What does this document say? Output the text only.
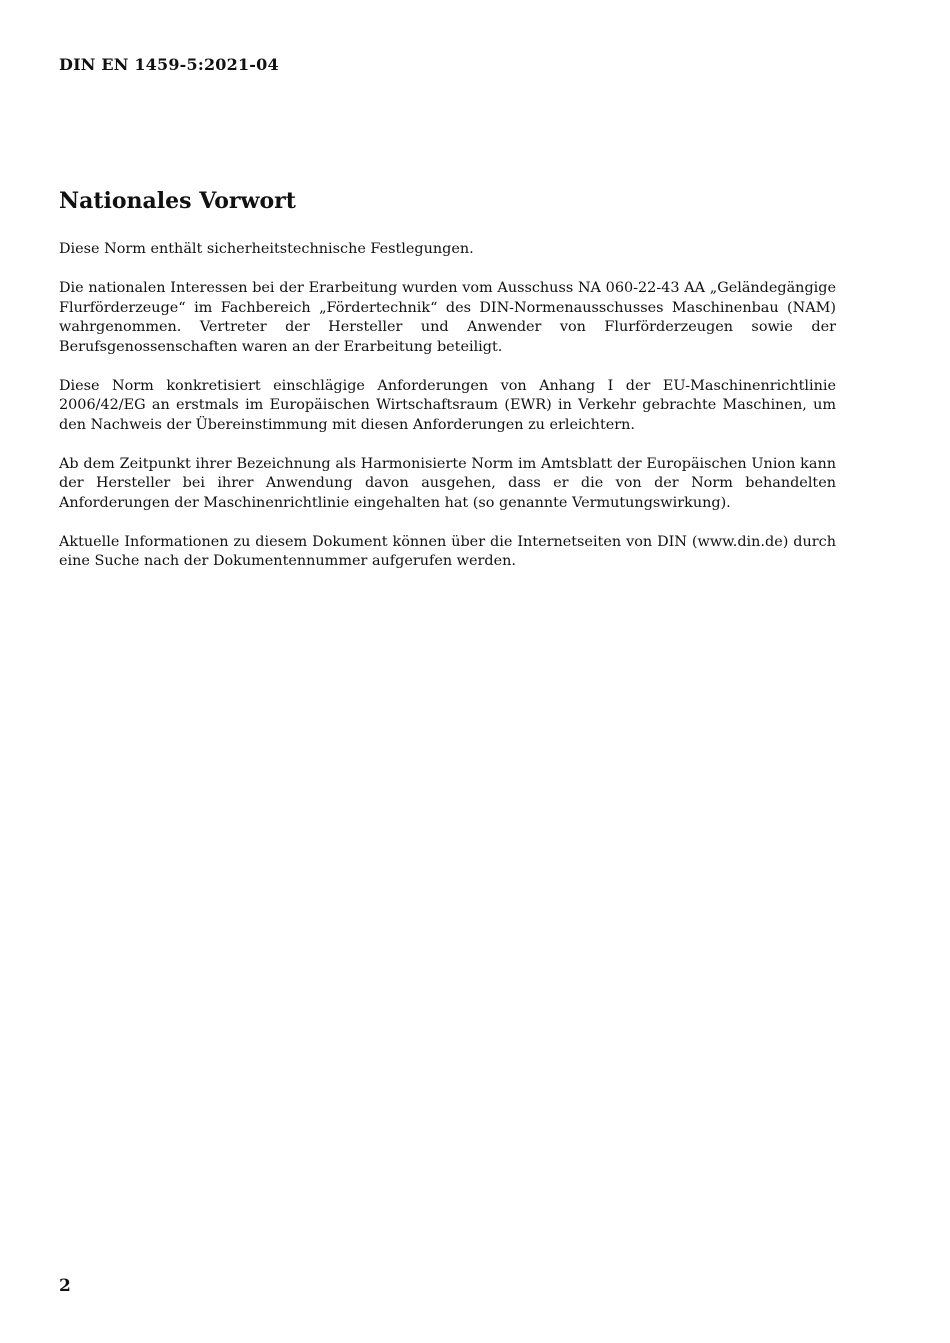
DIN EN 1459-5:2021-04
Nationales Vorwort

Diese Norm enthält sicherheitstechnische Festlegungen.

Die nationalen Interessen bei der Erarbeitung wurden vom Ausschuss NA 060-22-43 AA „Geländegängige Flurförderzeuge“ im Fachbereich „Fördertechnik“ des DIN-Normenausschusses Maschinenbau (NAM) wahrgenommen. Vertreter der Hersteller und Anwender von Flurförderzeugen sowie der Berufsgenossenschaften waren an der Erarbeitung beteiligt.

Diese Norm konkretisiert einschlägige Anforderungen von Anhang I der EU-Maschinenrichtlinie 2006/42/EG an erstmals im Europäischen Wirtschaftsraum (EWR) in Verkehr gebrachte Maschinen, um den Nachweis der Übereinstimmung mit diesen Anforderungen zu erleichtern.

Ab dem Zeitpunkt ihrer Bezeichnung als Harmonisierte Norm im Amtsblatt der Europäischen Union kann der Hersteller bei ihrer Anwendung davon ausgehen, dass er die von der Norm behandelten Anforderungen der Maschinenrichtlinie eingehalten hat (so genannte Vermutungswirkung).

Aktuelle Informationen zu diesem Dokument können über die Internetseiten von DIN (www.din.de) durch eine Suche nach der Dokumentennummer aufgerufen werden.

2
